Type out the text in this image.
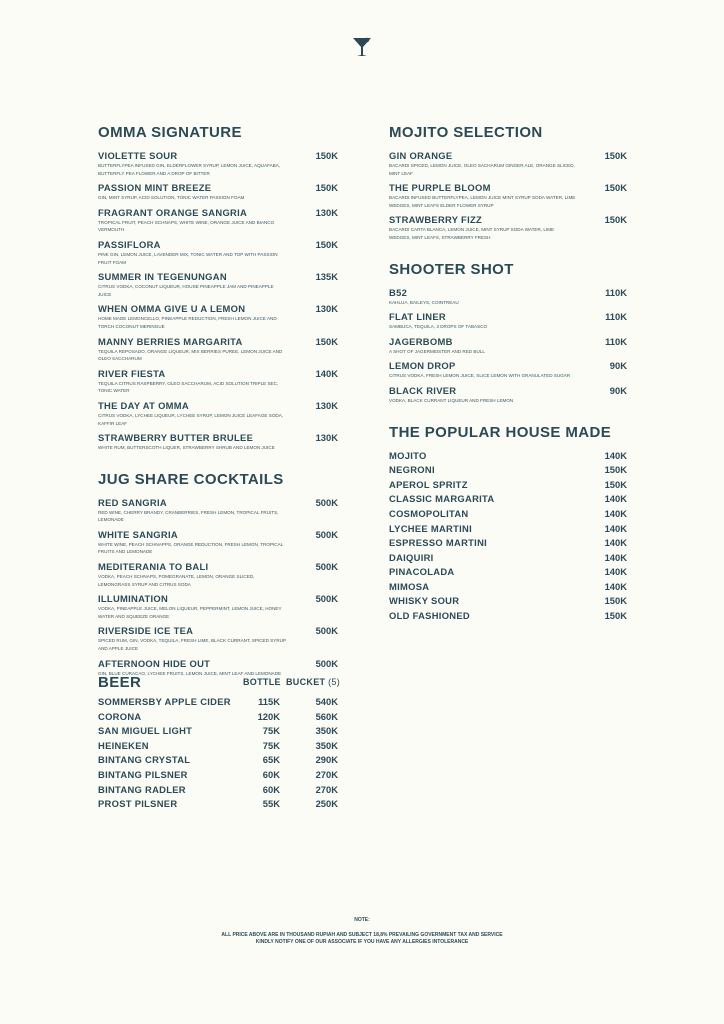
OMMA SIGNATURE
VIOLETTE SOUR	150K
BUTTERFLYPEA INFUSED GIN, ELDERFLOWER SYRUP, LEMON JUICE, AQUAFABA, BUTTERFLY PEA FLOWER AND A DROP OF BITTER
PASSION MINT BREEZE	150K
GIN, MINT SYRUP, ACID SOLUTION, TONIC WATER PASSION FOAM
FRAGRANT ORANGE SANGRIA	130K
TROPICAL FRUIT, PEACH SCHNAPS, WHITE WINE, ORANGE JUICE AND BIANCO VERMOUTH
PASSIFLORA	150K
PINK GIN, LEMON JUICE, LAVENDER MIX, TONIC WATER AND TOP WITH PASSION FRUIT FOAM
SUMMER IN TEGENUNGAN	135K
CITRUS VODKA, COCONUT LIQUEUR, HOUSE PINEAPPLE JAM AND PINEAPPLE JUICE
WHEN OMMA GIVE U A LEMON	130K
HOME MADE LEMONCELLO, PINEAPPLE REDUCTION, FRESH LEMON JUICE AND TORCH COCONUT MERINGUE
MANNY BERRIES MARGARITA	150K
TEQUILA REPOSADO, ORANGE LIQUEUR, MIX BERRIES PUREE, LEMON JUICE AND OLEO SACCHARUM
RIVER FIESTA	140K
TEQUILA CITRUS RASPBERRY, OLEO SACCHARUM, ACID SOLUTION TRIPLE SEC, TONIC WATER
THE DAY AT OMMA	130K
CITRUS VODKA, LYCHEE LIQUEUR, LYCHEE SYRUP, LEMON JUICE LEAFAGE SODA, KAFFIR LEAF
STRAWBERRY BUTTER BRULEE	130K
WHITE RUM, BUTTERSCOTH LIQUER, STRAWBERRY SHRUB AND LEMON JUICE
JUG SHARE COCKTAILS
RED SANGRIA	500K
RED WINE, CHERRY BRANDY, CRANBERRIES, FRESH LEMON, TROPICAL FRUITS, LEMONADE
WHITE SANGRIA	500K
WHITE WINE, PEACH SCHNAPPS, ORANGE REDUCTION, FRESH LEMON, TROPICAL FRUITS AND LEMONADE
MEDITERANIA TO BALI	500K
VODKA, PEACH SCHNAPS, POMEGRANATE, LEMON, ORANGE SLICED, LEMONGRASS SYRUP AND CITRUS SODA
ILLUMINATION	500K
VODKA, PINEAPPLE JUICE, MELON LIQUEUR, PEPPERMINT, LEMON JUICE, HONEY WATER AND SQUEEZE ORANGE
RIVERSIDE ICE TEA	500K
SPICED RUM, GIN, VODKA, TEQUILA, FRESH LIME, BLACK CURRANT, SPICED SYRUP AND APPLE JUICE
AFTERNOON HIDE OUT	500K
GIN, BLUE CURACAO, LYCHEE FRUITS, LEMON JUICE, MINT LEAF AND LEMONADE
BEER	BOTTLE BUCKET (5)
SOMMERSBY APPLE CIDER	115K	540K
CORONA	120K	560K
SAN MIGUEL LIGHT	75K	350K
HEINEKEN	75K	350K
BINTANG CRYSTAL	65K	290K
BINTANG PILSNER	60K	270K
BINTANG RADLER	60K	270K
PROST PILSNER	55K	250K
MOJITO SELECTION
GIN ORANGE	150K
BACARDI SPICED, LEMON JUICE, OLEO SACHARUM GINGER ALE, ORANGE SLICED, MINT LEAF
THE PURPLE BLOOM	150K
BACARDI INFUSED BUTTERFLYPEA, LEMON JUICE MINT SYRUP SODA WATER, LIME WEDGES, MINT LEAFS ELDER FLOWER SYRUP
STRAWBERRY FIZZ	150K
BACARDI CARTA BLANCA, LEMON JUICE, MINT SYRUP SODA WATER, LIME WEDGES, MINT LEAFS, STRAWBERRY FRESH
SHOOTER SHOT
B52	110K
KAHLUA, BAILEYS, COINTREAU
FLAT LINER	110K
SAMBUCA, TEQUILA, 3 DROPS OF TABASCO
JAGERBOMB	110K
A SHOT OF JAGERMEISTER AND RED BULL
LEMON DROP	90K
CITRUS VODKA, FRESH LEMON JUICE, SLICE LEMON WITH GRANULATED SUGAR
BLACK RIVER	90K
VODKA, BLACK CURRANT LIQUEUR AND FRESH LEMON
THE POPULAR HOUSE MADE
MOJITO	140K
NEGRONI	150K
APEROL SPRITZ	150K
CLASSIC MARGARITA	140K
COSMOPOLITAN	140K
LYCHEE MARTINI	140K
ESPRESSO MARTINI	140K
DAIQUIRI	140K
PINACOLADA	140K
MIMOSA	140K
WHISKY SOUR	150K
OLD FASHIONED	150K
NOTE:
ALL PRICE ABOVE ARE IN THOUSAND RUPIAH AND SUBJECT 18,8% PREVAILING GOVERNMENT TAX AND SERVICE
KINDLY NOTIFY ONE OF OUR ASSOCIATE IF YOU HAVE ANY ALLERGIES INTOLERANCE
